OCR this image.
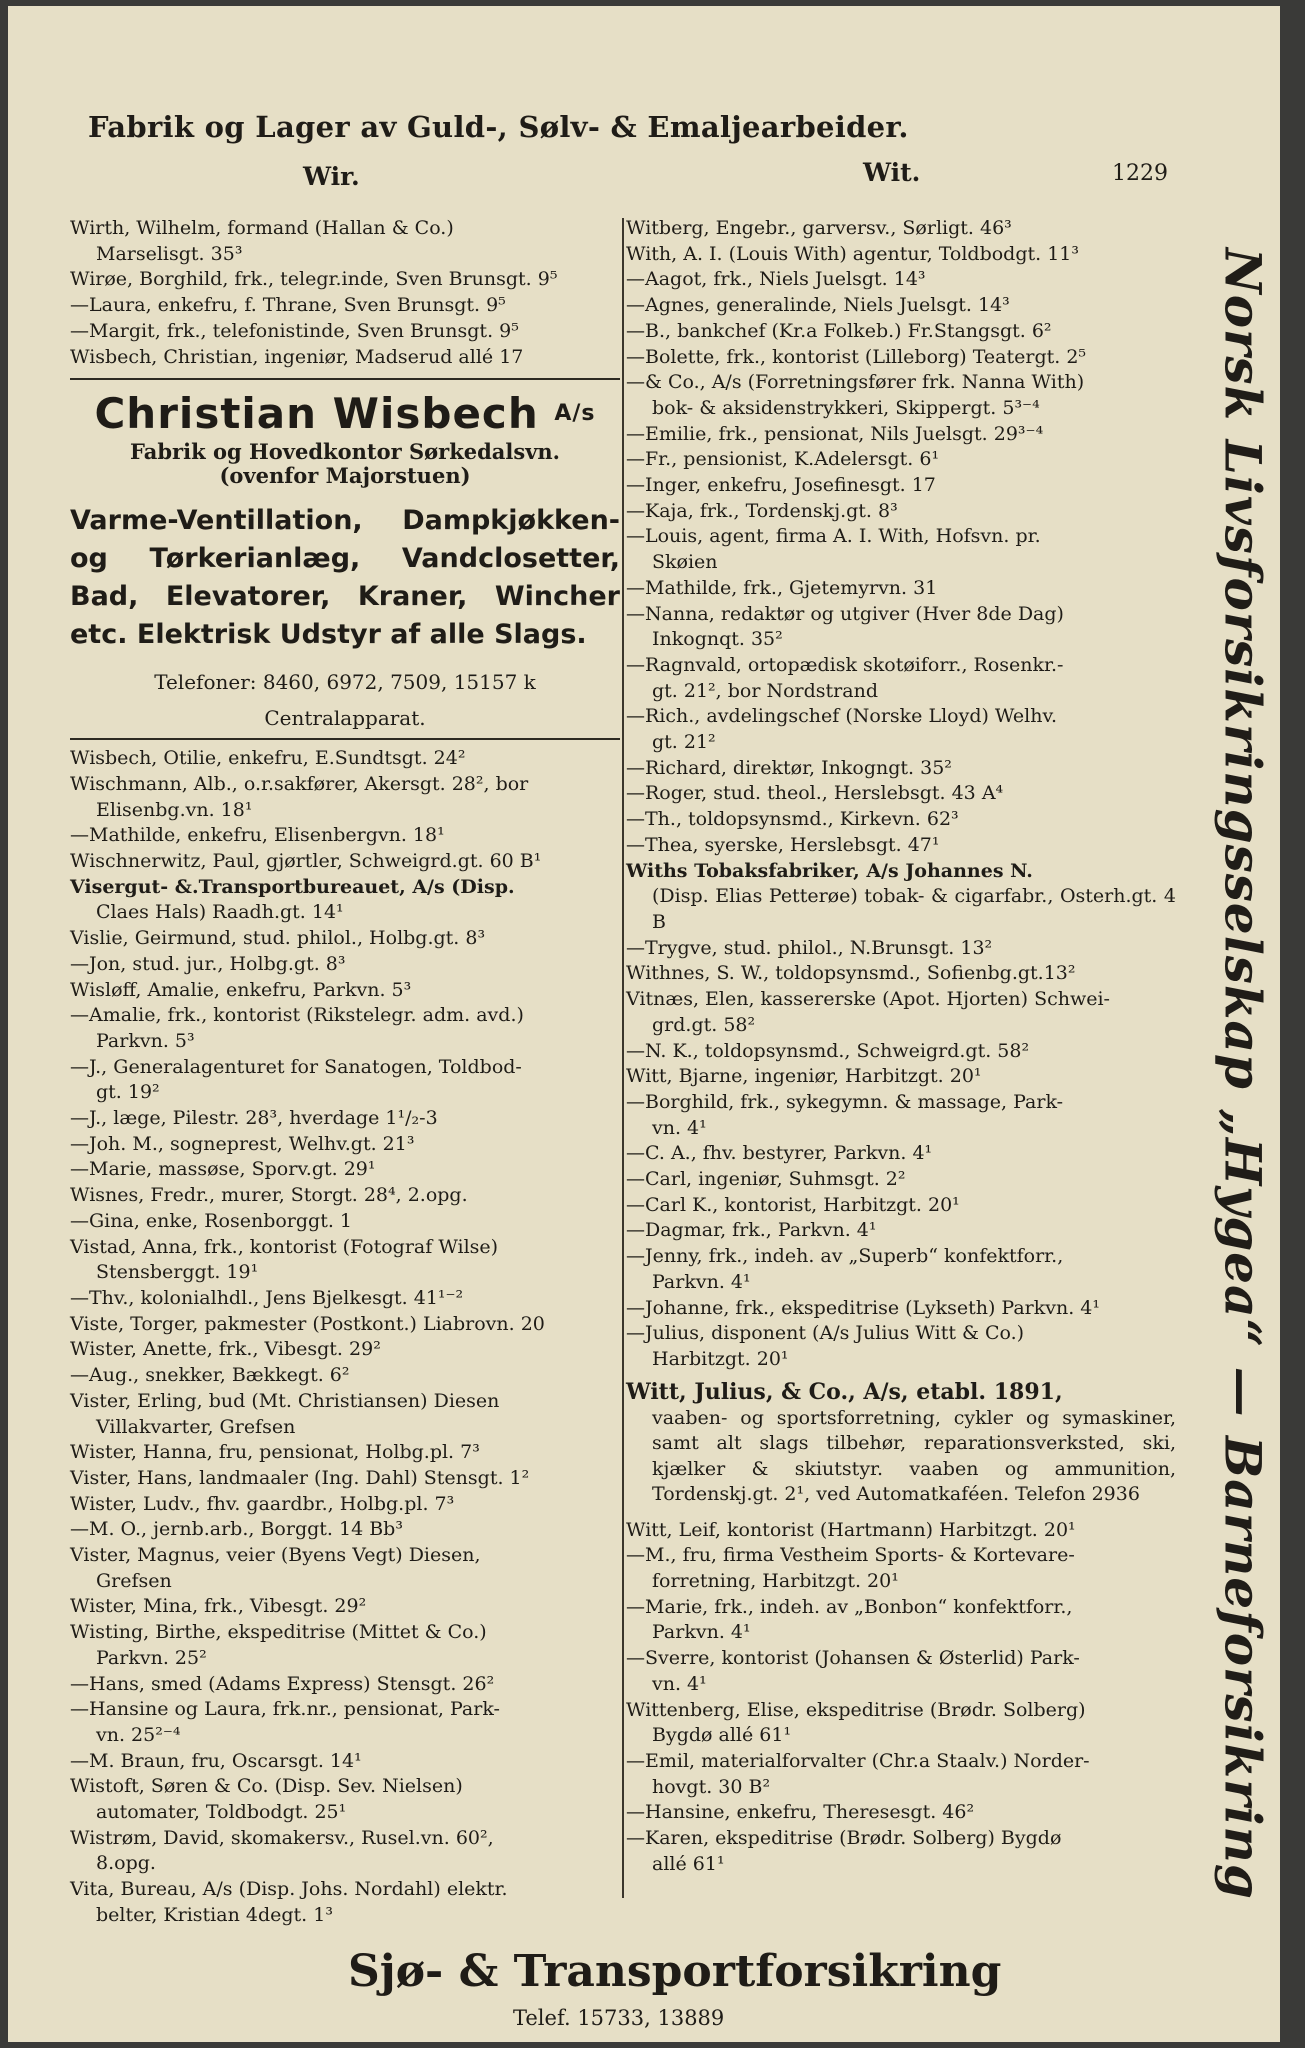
Fabrik og Lager av Guld-, Sølv- & Emaljearbeider.
Wir.	Wit.	1229
Wirth, Wilhelm, formand (Hallan & Co.)
Marselisgt. 35³
Wirøe, Borghild, frk., telegr.inde, Sven Brunsgt. 9⁵
—Laura, enkefru, f. Thrane, Sven Brunsgt. 9⁵
—Margit, frk., telefonistinde, Sven Brunsgt. 9⁵
Wisbech, Christian, ingeniør, Madserud allé 17
Christian Wisbech $^{A/s}$
Fabrik og Hovedkontor Sørkedalsvn.
(ovenfor Majorstuen)
Varme-Ventillation, Dampkjøkken- og Tørkerianlæg, Vandclosetter, Bad, Elevatorer, Kraner, Wincher etc. Elektrisk Udstyr af alle Slags.
Telefoner: 8460, 6972, 7509, 15157 k
Centralapparat.
Wisbech, Otilie, enkefru, E.Sundtsgt. 24²
Wischmann, Alb., o.r.sakfører, Akersgt. 28², bor
Elisenbg.vn. 18¹
—Mathilde, enkefru, Elisenbergvn. 18¹
Wischnerwitz, Paul, gjørtler, Schweigrd.gt. 60 B¹
Visergut- &.Transportbureauet, A/s (Disp.
Claes Hals) Raadh.gt. 14¹
Vislie, Geirmund, stud. philol., Holbg.gt. 8³
—Jon, stud. jur., Holbg.gt. 8³
Wisløff, Amalie, enkefru, Parkvn. 5³
—Amalie, frk., kontorist (Rikstelegr. adm. avd.)
Parkvn. 5³
—J., Generalagenturet for Sanatogen, Toldbod-
gt. 19²
—J., læge, Pilestr. 28³, hverdage 1¹/₂-3
—Joh. M., sogneprest, Welhv.gt. 21³
—Marie, massøse, Sporv.gt. 29¹
Wisnes, Fredr., murer, Storgt. 28⁴, 2.opg.
—Gina, enke, Rosenborggt. 1
Vistad, Anna, frk., kontorist (Fotograf Wilse)
Stensberggt. 19¹
—Thv., kolonialhdl., Jens Bjelkesgt. 41¹⁻²
Viste, Torger, pakmester (Postkont.) Liabrovn. 20
Wister, Anette, frk., Vibesgt. 29²
—Aug., snekker, Bækkegt. 6²
Vister, Erling, bud (Mt. Christiansen) Diesen
Villakvarter, Grefsen
Wister, Hanna, fru, pensionat, Holbg.pl. 7³
Vister, Hans, landmaaler (Ing. Dahl) Stensgt. 1²
Wister, Ludv., fhv. gaardbr., Holbg.pl. 7³
—M. O., jernb.arb., Borggt. 14 Bb³
Vister, Magnus, veier (Byens Vegt) Diesen,
Grefsen
Wister, Mina, frk., Vibesgt. 29²
Wisting, Birthe, ekspeditrise (Mittet & Co.)
Parkvn. 25²
—Hans, smed (Adams Express) Stensgt. 26²
—Hansine og Laura, frk.nr., pensionat, Park-
vn. 25²⁻⁴
—M. Braun, fru, Oscarsgt. 14¹
Wistoft, Søren & Co. (Disp. Sev. Nielsen)
automater, Toldbodgt. 25¹
Wistrøm, David, skomakersv., Rusel.vn. 60²,
8.opg.
Vita, Bureau, A/s (Disp. Johs. Nordahl) elektr.
belter, Kristian 4degt. 1³
Witberg, Engebr., garversv., Sørligt. 46³
With, A. I. (Louis With) agentur, Toldbodgt. 11³
—Aagot, frk., Niels Juelsgt. 14³
—Agnes, generalinde, Niels Juelsgt. 14³
—B., bankchef (Kr.a Folkeb.) Fr.Stangsgt. 6²
—Bolette, frk., kontorist (Lilleborg) Teatergt. 2⁵
—& Co., A/s (Forretningsfører frk. Nanna With)
bok- & aksidenstrykkeri, Skippergt. 5³⁻⁴
—Emilie, frk., pensionat, Nils Juelsgt. 29³⁻⁴
—Fr., pensionist, K.Adelersgt. 6¹
—Inger, enkefru, Josefinesgt. 17
—Kaja, frk., Tordenskj.gt. 8³
—Louis, agent, firma A. I. With, Hofsvn. pr.
Skøien
—Mathilde, frk., Gjetemyrvn. 31
—Nanna, redaktør og utgiver (Hver 8de Dag)
Inkognqt. 35²
—Ragnvald, ortopædisk skotøiforr., Rosenkr.-
gt. 21², bor Nordstrand
—Rich., avdelingschef (Norske Lloyd) Welhv.
gt. 21²
—Richard, direktør, Inkogngt. 35²
—Roger, stud. theol., Herslebsgt. 43 A⁴
—Th., toldopsynsmd., Kirkevn. 62³
—Thea, syerske, Herslebsgt. 47¹
Withs Tobaksfabriker, A/s Johannes N.
(Disp. Elias Petterøe) tobak- & cigarfabr., Osterh.gt. 4 B
—Trygve, stud. philol., N.Brunsgt. 13²
Withnes, S. W., toldopsynsmd., Sofienbg.gt.13²
Vitnæs, Elen, kassererske (Apot. Hjorten) Schwei-
grd.gt. 58²
—N. K., toldopsynsmd., Schweigrd.gt. 58²
Witt, Bjarne, ingeniør, Harbitzgt. 20¹
—Borghild, frk., sykegymn. & massage, Park-
vn. 4¹
—C. A., fhv. bestyrer, Parkvn. 4¹
—Carl, ingeniør, Suhmsgt. 2²
—Carl K., kontorist, Harbitzgt. 20¹
—Dagmar, frk., Parkvn. 4¹
—Jenny, frk., indeh. av „Superb“ konfektforr.,
Parkvn. 4¹
—Johanne, frk., ekspeditrise (Lykseth) Parkvn. 4¹
—Julius, disponent (A/s Julius Witt & Co.)
Harbitzgt. 20¹
Witt, Julius, & Co., A/s, etabl. 1891,
vaaben- og sportsforretning, cykler og symaskiner, samt alt slags tilbehør, reparationsverksted, ski, kjælker & skiutstyr. vaaben og ammunition, Tordenskj.gt. 2¹, ved Automatkaféen. Telefon 2936
Witt, Leif, kontorist (Hartmann) Harbitzgt. 20¹
—M., fru, firma Vestheim Sports- & Kortevare-
forretning, Harbitzgt. 20¹
—Marie, frk., indeh. av „Bonbon“ konfektforr.,
Parkvn. 4¹
—Sverre, kontorist (Johansen & Østerlid) Park-
vn. 4¹
Wittenberg, Elise, ekspeditrise (Brødr. Solberg)
Bygdø allé 61¹
—Emil, materialforvalter (Chr.a Staalv.) Norder-
hovgt. 30 B²
—Hansine, enkefru, Theresesgt. 46²
—Karen, ekspeditrise (Brødr. Solberg) Bygdø
allé 61¹	Norsk Livsforsikringsselskap „Hygea“ — Barneforsikring
Sjø- & Transportforsikring
Telef. 15733, 13889
